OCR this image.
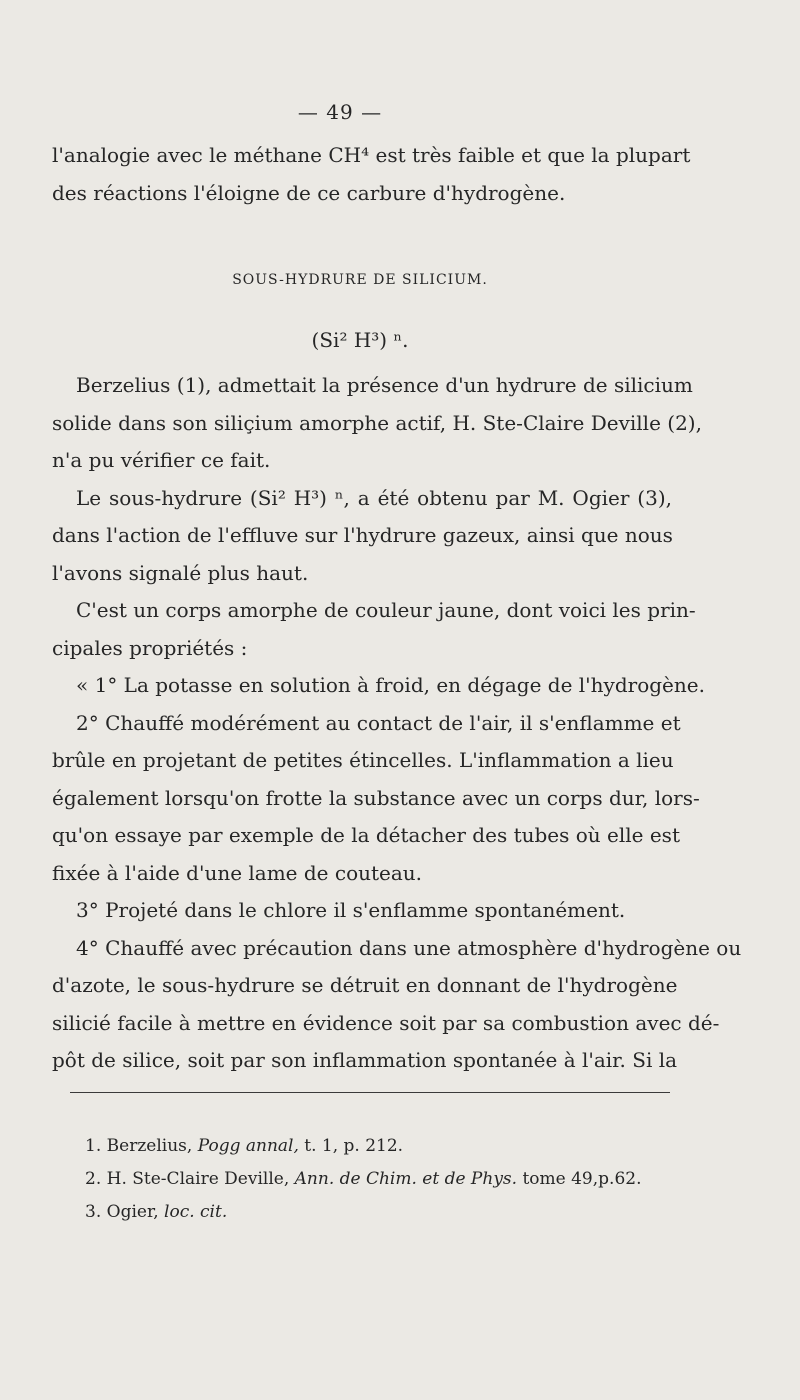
— 49 —
l'analogie avec le méthane CH⁴ est très faible et que la plupart
des réactions l'éloigne de ce carbure d'hydrogène.
SOUS-HYDRURE DE SILICIUM.
(Si² H³) ⁿ.
Berzelius (1), admettait la présence d'un hydrure de silicium
solide dans son siliçium amorphe actif, H. Ste-Claire Deville (2),
n'a pu vérifier ce fait.
Le sous-hydrure (Si² H³) ⁿ, a été obtenu par M. Ogier (3),
dans l'action de l'effluve sur l'hydrure gazeux, ainsi que nous
l'avons signalé plus haut.
C'est un corps amorphe de couleur jaune, dont voici les prin-
cipales propriétés :
« 1° La potasse en solution à froid, en dégage de l'hydrogène.
2° Chauffé modérément au contact de l'air, il s'enflamme et
brûle en projetant de petites étincelles. L'inflammation a lieu
également lorsqu'on frotte la substance avec un corps dur, lors-
qu'on essaye par exemple de la détacher des tubes où elle est
fixée à l'aide d'une lame de couteau.
3° Projeté dans le chlore il s'enflamme spontanément.
4° Chauffé avec précaution dans une atmosphère d'hydrogène ou
d'azote, le sous-hydrure se détruit en donnant de l'hydrogène
silicié facile à mettre en évidence soit par sa combustion avec dé-
pôt de silice, soit par son inflammation spontanée à l'air. Si la
1. Berzelius, Pogg annal, t. 1, p. 212.
2. H. Ste-Claire Deville, Ann. de Chim. et de Phys. tome 49,p.62.
3. Ogier, loc. cit.
